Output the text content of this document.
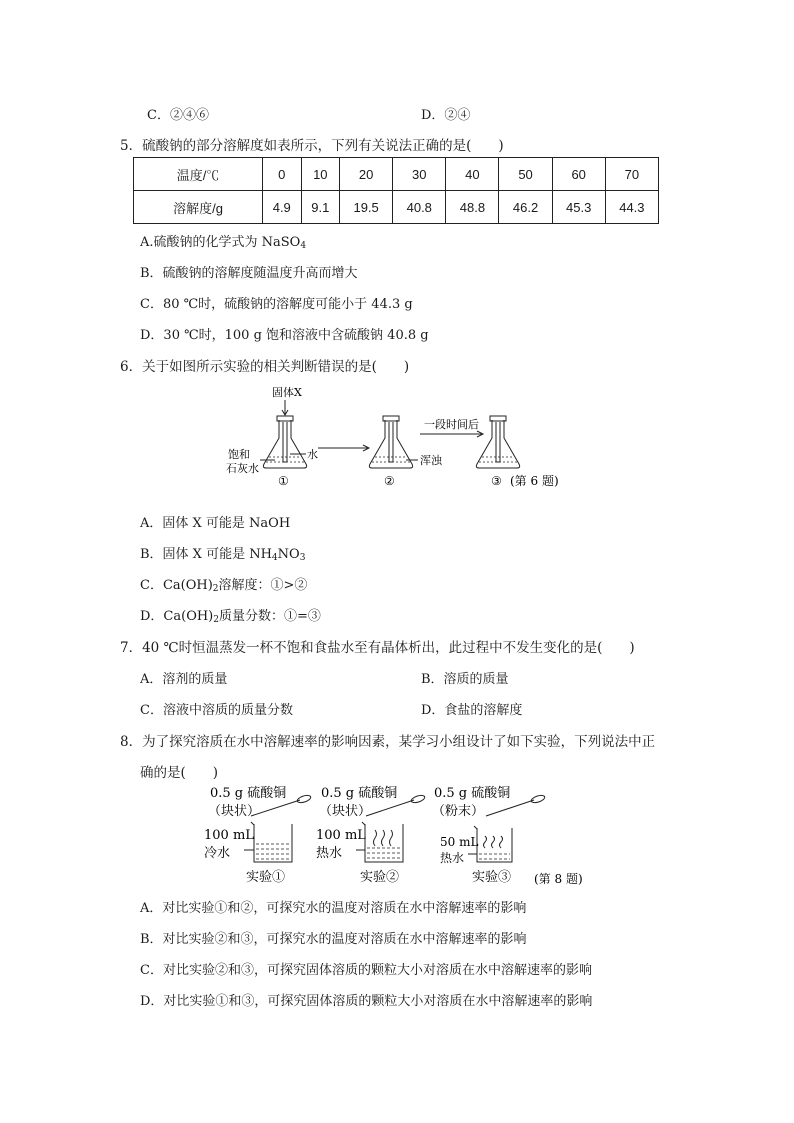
C．②④⑥	D．②④
5．硫酸钠的部分溶解度如表所示，下列有关说法正确的是(　　)
温度/℃	0	10	20	30	40	50	60	70
溶解度/g	4.9	9.1	19.5	40.8	48.8	46.2	45.3	44.3
A.硫酸钠的化学式为 NaSO$_4$
B．硫酸钠的溶解度随温度升高而增大
C．80 ℃时，硫酸钠的溶解度可能小于 44.3 g
D．30 ℃时，100 g 饱和溶液中含硫酸钠 40.8 g
6．关于如图所示实验的相关判断错误的是(　　)
固体X
水
饱和
石灰水
①
浑浊
②
一段时间后
③ (第 6 题)
A．固体 X 可能是 NaOH
B．固体 X 可能是 $NH_4NO_3$
C．$Ca(OH)_2$溶解度：①>②
D．$Ca(OH)_2$质量分数：①=③
7．40 ℃时恒温蒸发一杯不饱和食盐水至有晶体析出，此过程中不发生变化的是(　　)
A．溶剂的质量	B．溶质的质量
C．溶液中溶质的质量分数	D．食盐的溶解度
8．为了探究溶质在水中溶解速率的影响因素，某学习小组设计了如下实验，下列说法中正
确的是(　　)
0.5 g 硫酸铜
（块状）
100 mL
冷水
实验①
0.5 g 硫酸铜
（块状）
100 mL
热水
实验②
0.5 g 硫酸铜
（粉末）
50 mL
热水
实验③ (第 8 题)
A．对比实验①和②，可探究水的温度对溶质在水中溶解速率的影响
B．对比实验②和③，可探究水的温度对溶质在水中溶解速率的影响
C．对比实验②和③，可探究固体溶质的颗粒大小对溶质在水中溶解速率的影响
D．对比实验①和③，可探究固体溶质的颗粒大小对溶质在水中溶解速率的影响
